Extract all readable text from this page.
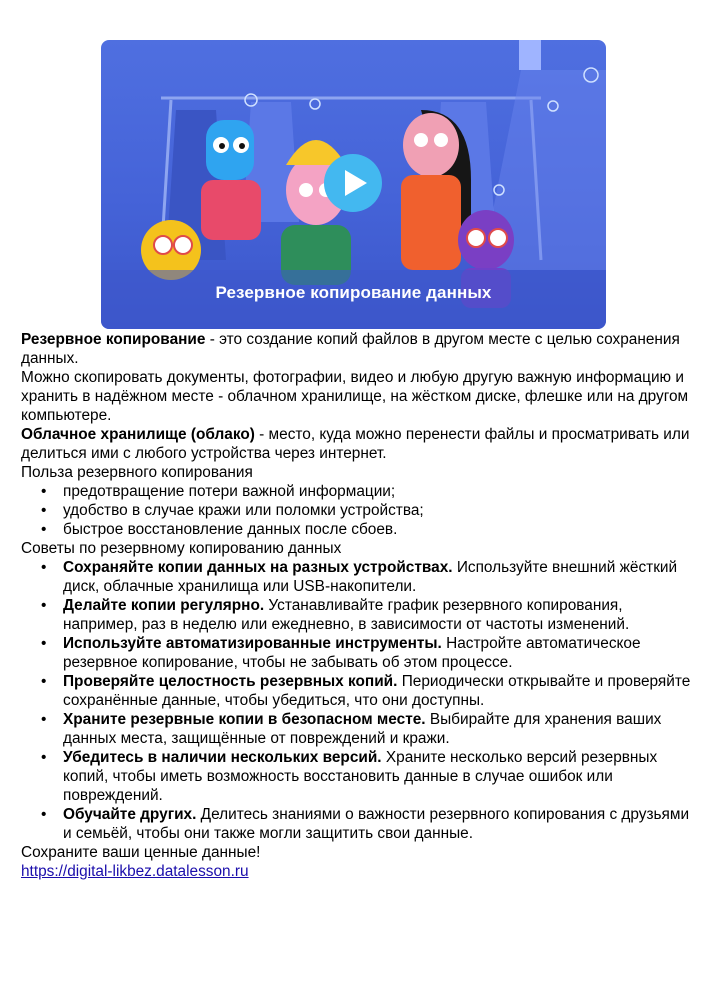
Резервное копирование данных

Резервное копирование - это создание копий файлов в другом месте с целью сохранения данных.

Можно скопировать документы, фотографии, видео и любую другую важную информацию и хранить в надёжном месте - облачном хранилище, на жёстком диске, флешке или на другом компьютере.

Облачное хранилище (облако) - место, куда можно перенести файлы и просматривать или делиться ими с любого устройства через интернет.

Польза резервного копирования

• предотвращение потери важной информации;
• удобство в случае кражи или поломки устройства;
• быстрое восстановление данных после сбоев.

Советы по резервному копированию данных

• Сохраняйте копии данных на разных устройствах. Используйте внешний жёсткий диск, облачные хранилища или USB-накопители.
• Делайте копии регулярно. Устанавливайте график резервного копирования, например, раз в неделю или ежедневно, в зависимости от частоты изменений.
• Используйте автоматизированные инструменты. Настройте автоматическое резервное копирование, чтобы не забывать об этом процессе.
• Проверяйте целостность резервных копий. Периодически открывайте и проверяйте сохранённые данные, чтобы убедиться, что они доступны.
• Храните резервные копии в безопасном месте. Выбирайте для хранения ваших данных места, защищённые от повреждений и кражи.
• Убедитесь в наличии нескольких версий. Храните несколько версий резервных копий, чтобы иметь возможность восстановить данные в случае ошибок или повреждений.
• Обучайте других. Делитесь знаниями о важности резервного копирования с друзьями и семьёй, чтобы они также могли защитить свои данные.

Сохраните ваши ценные данные!

https://digital-likbez.datalesson.ru
